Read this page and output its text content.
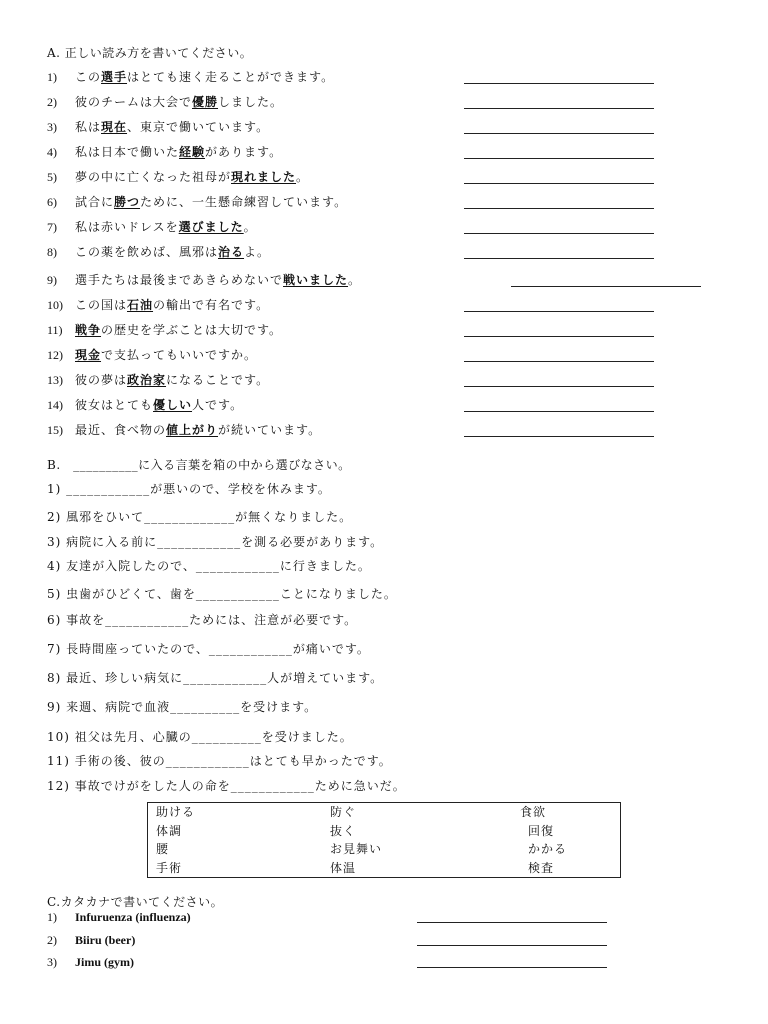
A. 正しい読み方を書いてください。
1) この選手はとても速く走ることができます。
2) 彼のチームは大会で優勝しました。
3) 私は現在、東京で働いています。
4) 私は日本で働いた経験があります。
5) 夢の中に亡くなった祖母が現れました。
6) 試合に勝つために、一生懸命練習しています。
7) 私は赤いドレスを選びました。
8) この薬を飲めば、風邪は治るよ。
9) 選手たちは最後まであきらめないで戦いました。
10) この国は石油の輸出で有名です。
11) 戦争の歴史を学ぶことは大切です。
12) 現金で支払ってもいいですか。
13) 彼の夢は政治家になることです。
14) 彼女はとても優しい人です。
15) 最近、食べ物の値上がりが続いています。
B.　__________に入る言葉を箱の中から選びなさい。
1) ____________が悪いので、学校を休みます。
2) 風邪をひいて_____________が無くなりました。
3) 病院に入る前に____________を測る必要があります。
4) 友達が入院したので、____________に行きました。
5) 虫歯がひどくて、歯を____________ことになりました。
6) 事故を____________ためには、注意が必要です。
7) 長時間座っていたので、____________が痛いです。
8) 最近、珍しい病気に____________人が増えています。
9) 来週、病院で血液__________を受けます。
10) 祖父は先月、心臓の__________を受けました。
11) 手術の後、彼の____________はとても早かったです。
12) 事故でけがをした人の命を____________ために急いだ。
助ける	防ぐ	食欲
体調	抜く	回復
腰	お見舞い	かかる
手術	体温	検査
C.カタカナで書いてください。
1) Infuruenza (influenza)
2) Biiru (beer)
3) Jimu (gym)
